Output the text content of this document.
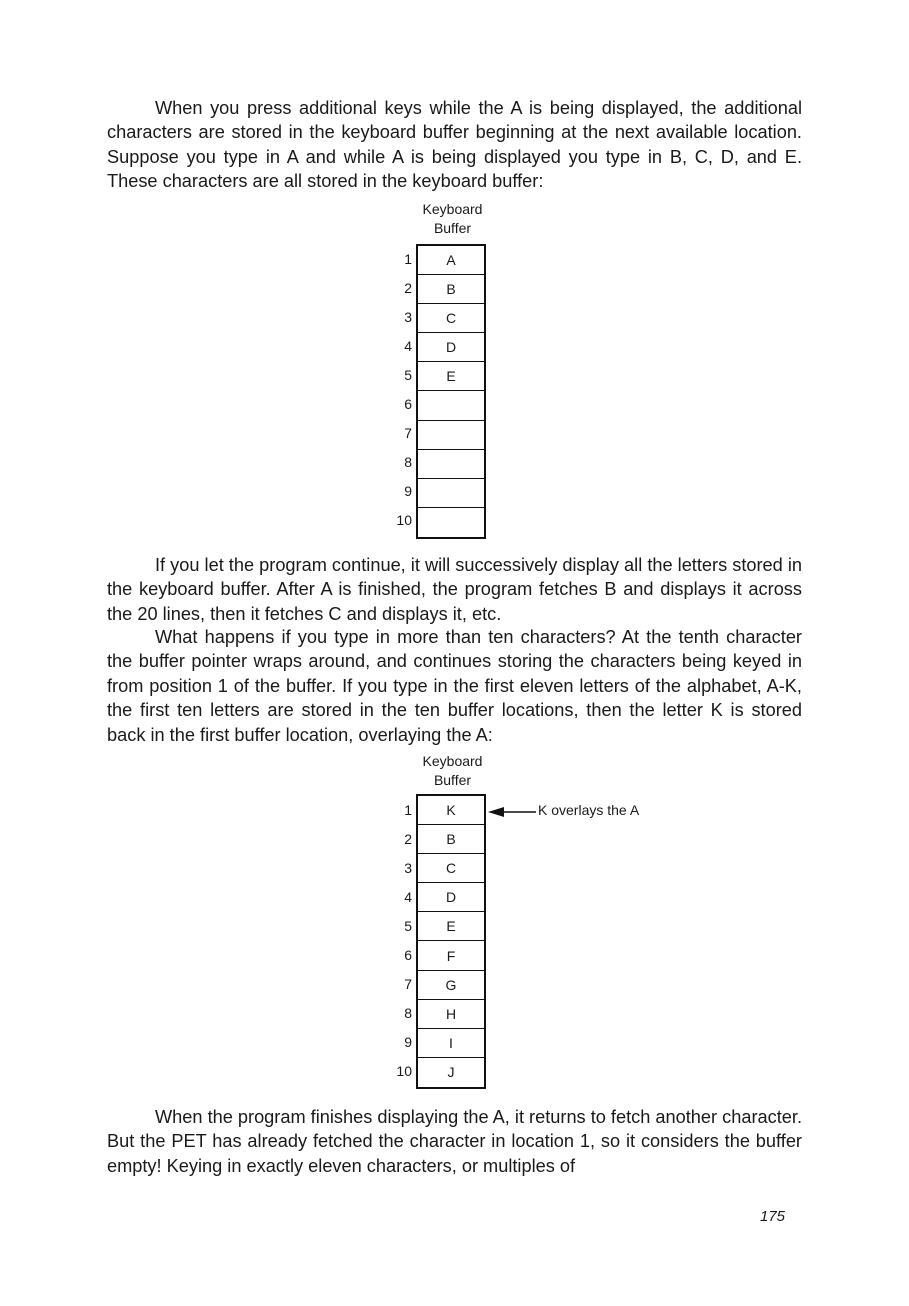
When you press additional keys while the A is being displayed, the additional characters are stored in the keyboard buffer beginning at the next available location. Suppose you type in A and while A is being displayed you type in B, C, D, and E. These characters are all stored in the keyboard buffer:

Keyboard
Buffer
1
2
3
4
5
6
7
8
9
10
A
B
C
D
E

If you let the program continue, it will successively display all the letters stored in the keyboard buffer. After A is finished, the program fetches B and displays it across the 20 lines, then it fetches C and displays it, etc.

What happens if you type in more than ten characters? At the tenth character the buffer pointer wraps around, and continues storing the characters being keyed in from position 1 of the buffer. If you type in the first eleven letters of the alphabet, A-K, the first ten letters are stored in the ten buffer locations, then the letter K is stored back in the first buffer location, overlaying the A:

Keyboard
Buffer
1
2
3
4
5
6
7
8
9
10
K
B
C
D
E
F
G
H
I
J
K overlays the A

When the program finishes displaying the A, it returns to fetch another character. But the PET has already fetched the character in location 1, so it considers the buffer empty! Keying in exactly eleven characters, or multiples of

175
